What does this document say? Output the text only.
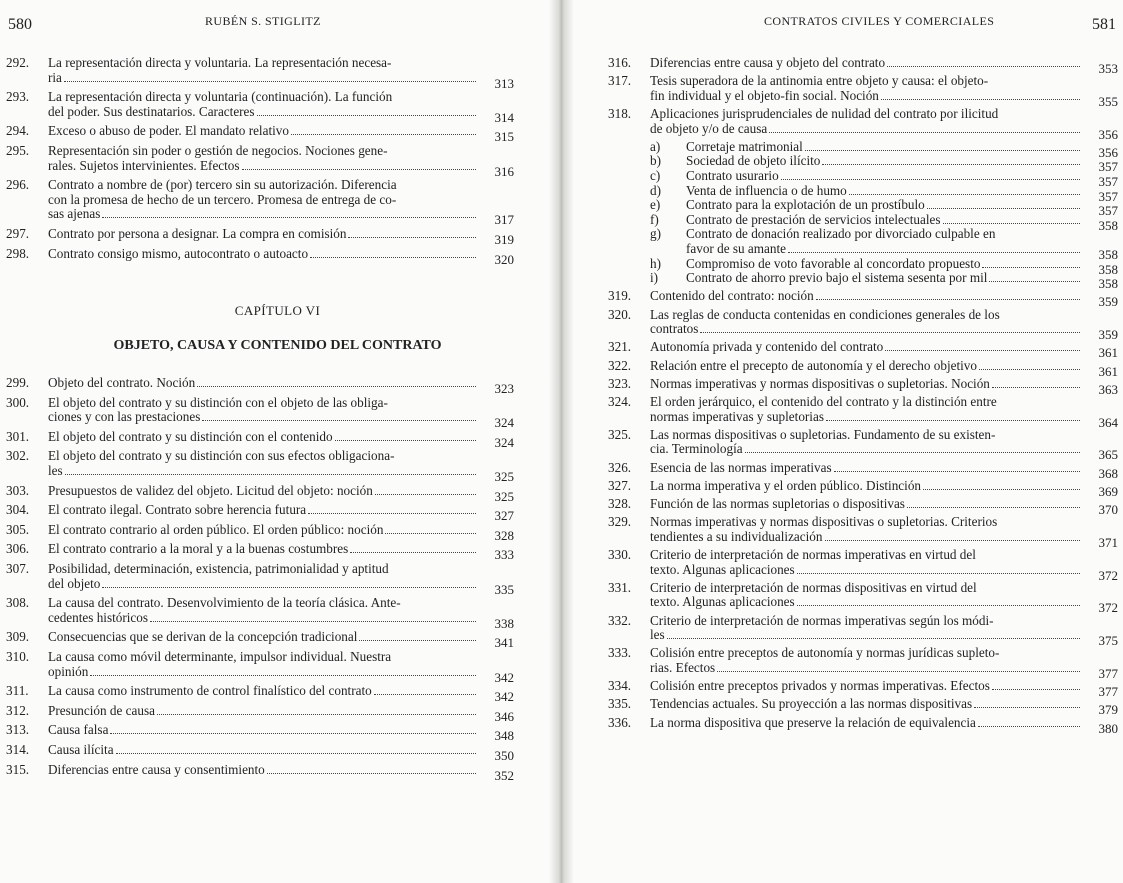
580	RUBÉN S. STIGLITZ
292. La representación directa y voluntaria. La representación necesa-
ria	313
293. La representación directa y voluntaria (continuación). La función
del poder. Sus destinatarios. Caracteres	314
294. Exceso o abuso de poder. El mandato relativo	315
295. Representación sin poder o gestión de negocios. Nociones gene-
rales. Sujetos intervinientes. Efectos	316
296. Contrato a nombre de (por) tercero sin su autorización. Diferencia
con la promesa de hecho de un tercero. Promesa de entrega de co-
sas ajenas	317
297. Contrato por persona a designar. La compra en comisión	319
298. Contrato consigo mismo, autocontrato o autoacto	320
CAPÍTULO VI
OBJETO, CAUSA Y CONTENIDO DEL CONTRATO
299. Objeto del contrato. Noción	323
300. El objeto del contrato y su distinción con el objeto de las obliga-
ciones y con las prestaciones	324
301. El objeto del contrato y su distinción con el contenido	324
302. El objeto del contrato y su distinción con sus efectos obligaciona-
les	325
303. Presupuestos de validez del objeto. Licitud del objeto: noción	325
304. El contrato ilegal. Contrato sobre herencia futura	327
305. El contrato contrario al orden público. El orden público: noción	328
306. El contrato contrario a la moral y a la buenas costumbres	333
307. Posibilidad, determinación, existencia, patrimonialidad y aptitud
del objeto	335
308. La causa del contrato. Desenvolvimiento de la teoría clásica. Ante-
cedentes históricos	338
309. Consecuencias que se derivan de la concepción tradicional	341
310. La causa como móvil determinante, impulsor individual. Nuestra
opinión	342
311. La causa como instrumento de control finalístico del contrato	342
312. Presunción de causa	346
313. Causa falsa	348
314. Causa ilícita	350
315. Diferencias entre causa y consentimiento	352
CONTRATOS CIVILES Y COMERCIALES	581
316. Diferencias entre causa y objeto del contrato	353
317. Tesis superadora de la antinomia entre objeto y causa: el objeto-
fin individual y el objeto-fin social. Noción	355
318. Aplicaciones jurisprudenciales de nulidad del contrato por ilicitud
de objeto y/o de causa	356
a) Corretaje matrimonial	356
b) Sociedad de objeto ilícito	357
c) Contrato usurario	357
d) Venta de influencia o de humo	357
e) Contrato para la explotación de un prostíbulo	357
f) Contrato de prestación de servicios intelectuales	358
g) Contrato de donación realizado por divorciado culpable en
favor de su amante	358
h) Compromiso de voto favorable al concordato propuesto	358
i) Contrato de ahorro previo bajo el sistema sesenta por mil	358
319. Contenido del contrato: noción	359
320. Las reglas de conducta contenidas en condiciones generales de los
contratos	359
321. Autonomía privada y contenido del contrato	361
322. Relación entre el precepto de autonomía y el derecho objetivo	361
323. Normas imperativas y normas dispositivas o supletorias. Noción	363
324. El orden jerárquico, el contenido del contrato y la distinción entre
normas imperativas y supletorias	364
325. Las normas dispositivas o supletorias. Fundamento de su existen-
cia. Terminología	365
326. Esencia de las normas imperativas	368
327. La norma imperativa y el orden público. Distinción	369
328. Función de las normas supletorias o dispositivas	370
329. Normas imperativas y normas dispositivas o supletorias. Criterios
tendientes a su individualización	371
330. Criterio de interpretación de normas imperativas en virtud del
texto. Algunas aplicaciones	372
331. Criterio de interpretación de normas dispositivas en virtud del
texto. Algunas aplicaciones	372
332. Criterio de interpretación de normas imperativas según los módi-
les	375
333. Colisión entre preceptos de autonomía y normas jurídicas supleto-
rias. Efectos	377
334. Colisión entre preceptos privados y normas imperativas. Efectos	377
335. Tendencias actuales. Su proyección a las normas dispositivas	379
336. La norma dispositiva que preserve la relación de equivalencia	380
